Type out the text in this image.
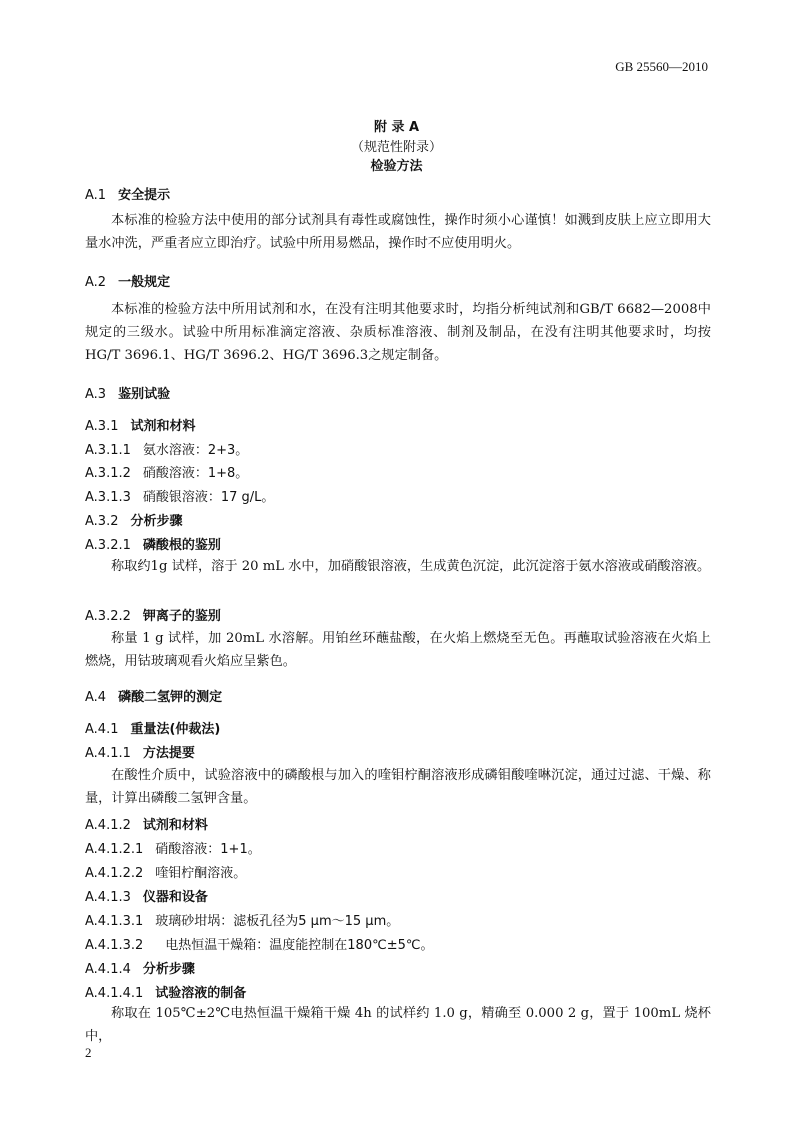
GB 25560—2010
附 录 A
（规范性附录）
检验方法
A.1 安全提示
本标准的检验方法中使用的部分试剂具有毒性或腐蚀性，操作时须小心谨慎！如溅到皮肤上应立即用大量水冲洗，严重者应立即治疗。试验中所用易燃品，操作时不应使用明火。
A.2 一般规定
本标准的检验方法中所用试剂和水，在没有注明其他要求时，均指分析纯试剂和GB/T 6682—2008中规定的三级水。试验中所用标准滴定溶液、杂质标准溶液、制剂及制品，在没有注明其他要求时，均按HG/T 3696.1、HG/T 3696.2、HG/T 3696.3之规定制备。
A.3 鉴别试验
A.3.1 试剂和材料
A.3.1.1 氨水溶液：2+3。
A.3.1.2 硝酸溶液：1+8。
A.3.1.3 硝酸银溶液：17 g/L。
A.3.2 分析步骤
A.3.2.1 磷酸根的鉴别
称取约1g 试样，溶于 20 mL 水中，加硝酸银溶液，生成黄色沉淀，此沉淀溶于氨水溶液或硝酸溶液。
A.3.2.2 钾离子的鉴别
称量 1 g 试样，加 20mL 水溶解。用铂丝环蘸盐酸，在火焰上燃烧至无色。再蘸取试验溶液在火焰上燃烧，用钴玻璃观看火焰应呈紫色。
A.4 磷酸二氢钾的测定
A.4.1 重量法(仲裁法)
A.4.1.1 方法提要
在酸性介质中，试验溶液中的磷酸根与加入的喹钼柠酮溶液形成磷钼酸喹啉沉淀，通过过滤、干燥、称量，计算出磷酸二氢钾含量。
A.4.1.2 试剂和材料
A.4.1.2.1 硝酸溶液：1+1。
A.4.1.2.2 喹钼柠酮溶液。
A.4.1.3 仪器和设备
A.4.1.3.1 玻璃砂坩埚：滤板孔径为5 μm～15 μm。
A.4.1.3.2 电热恒温干燥箱：温度能控制在180℃±5℃。
A.4.1.4 分析步骤
A.4.1.4.1 试验溶液的制备
称取在 105℃±2℃电热恒温干燥箱干燥 4h 的试样约 1.0 g，精确至 0.000 2 g，置于 100mL 烧杯中，
2
